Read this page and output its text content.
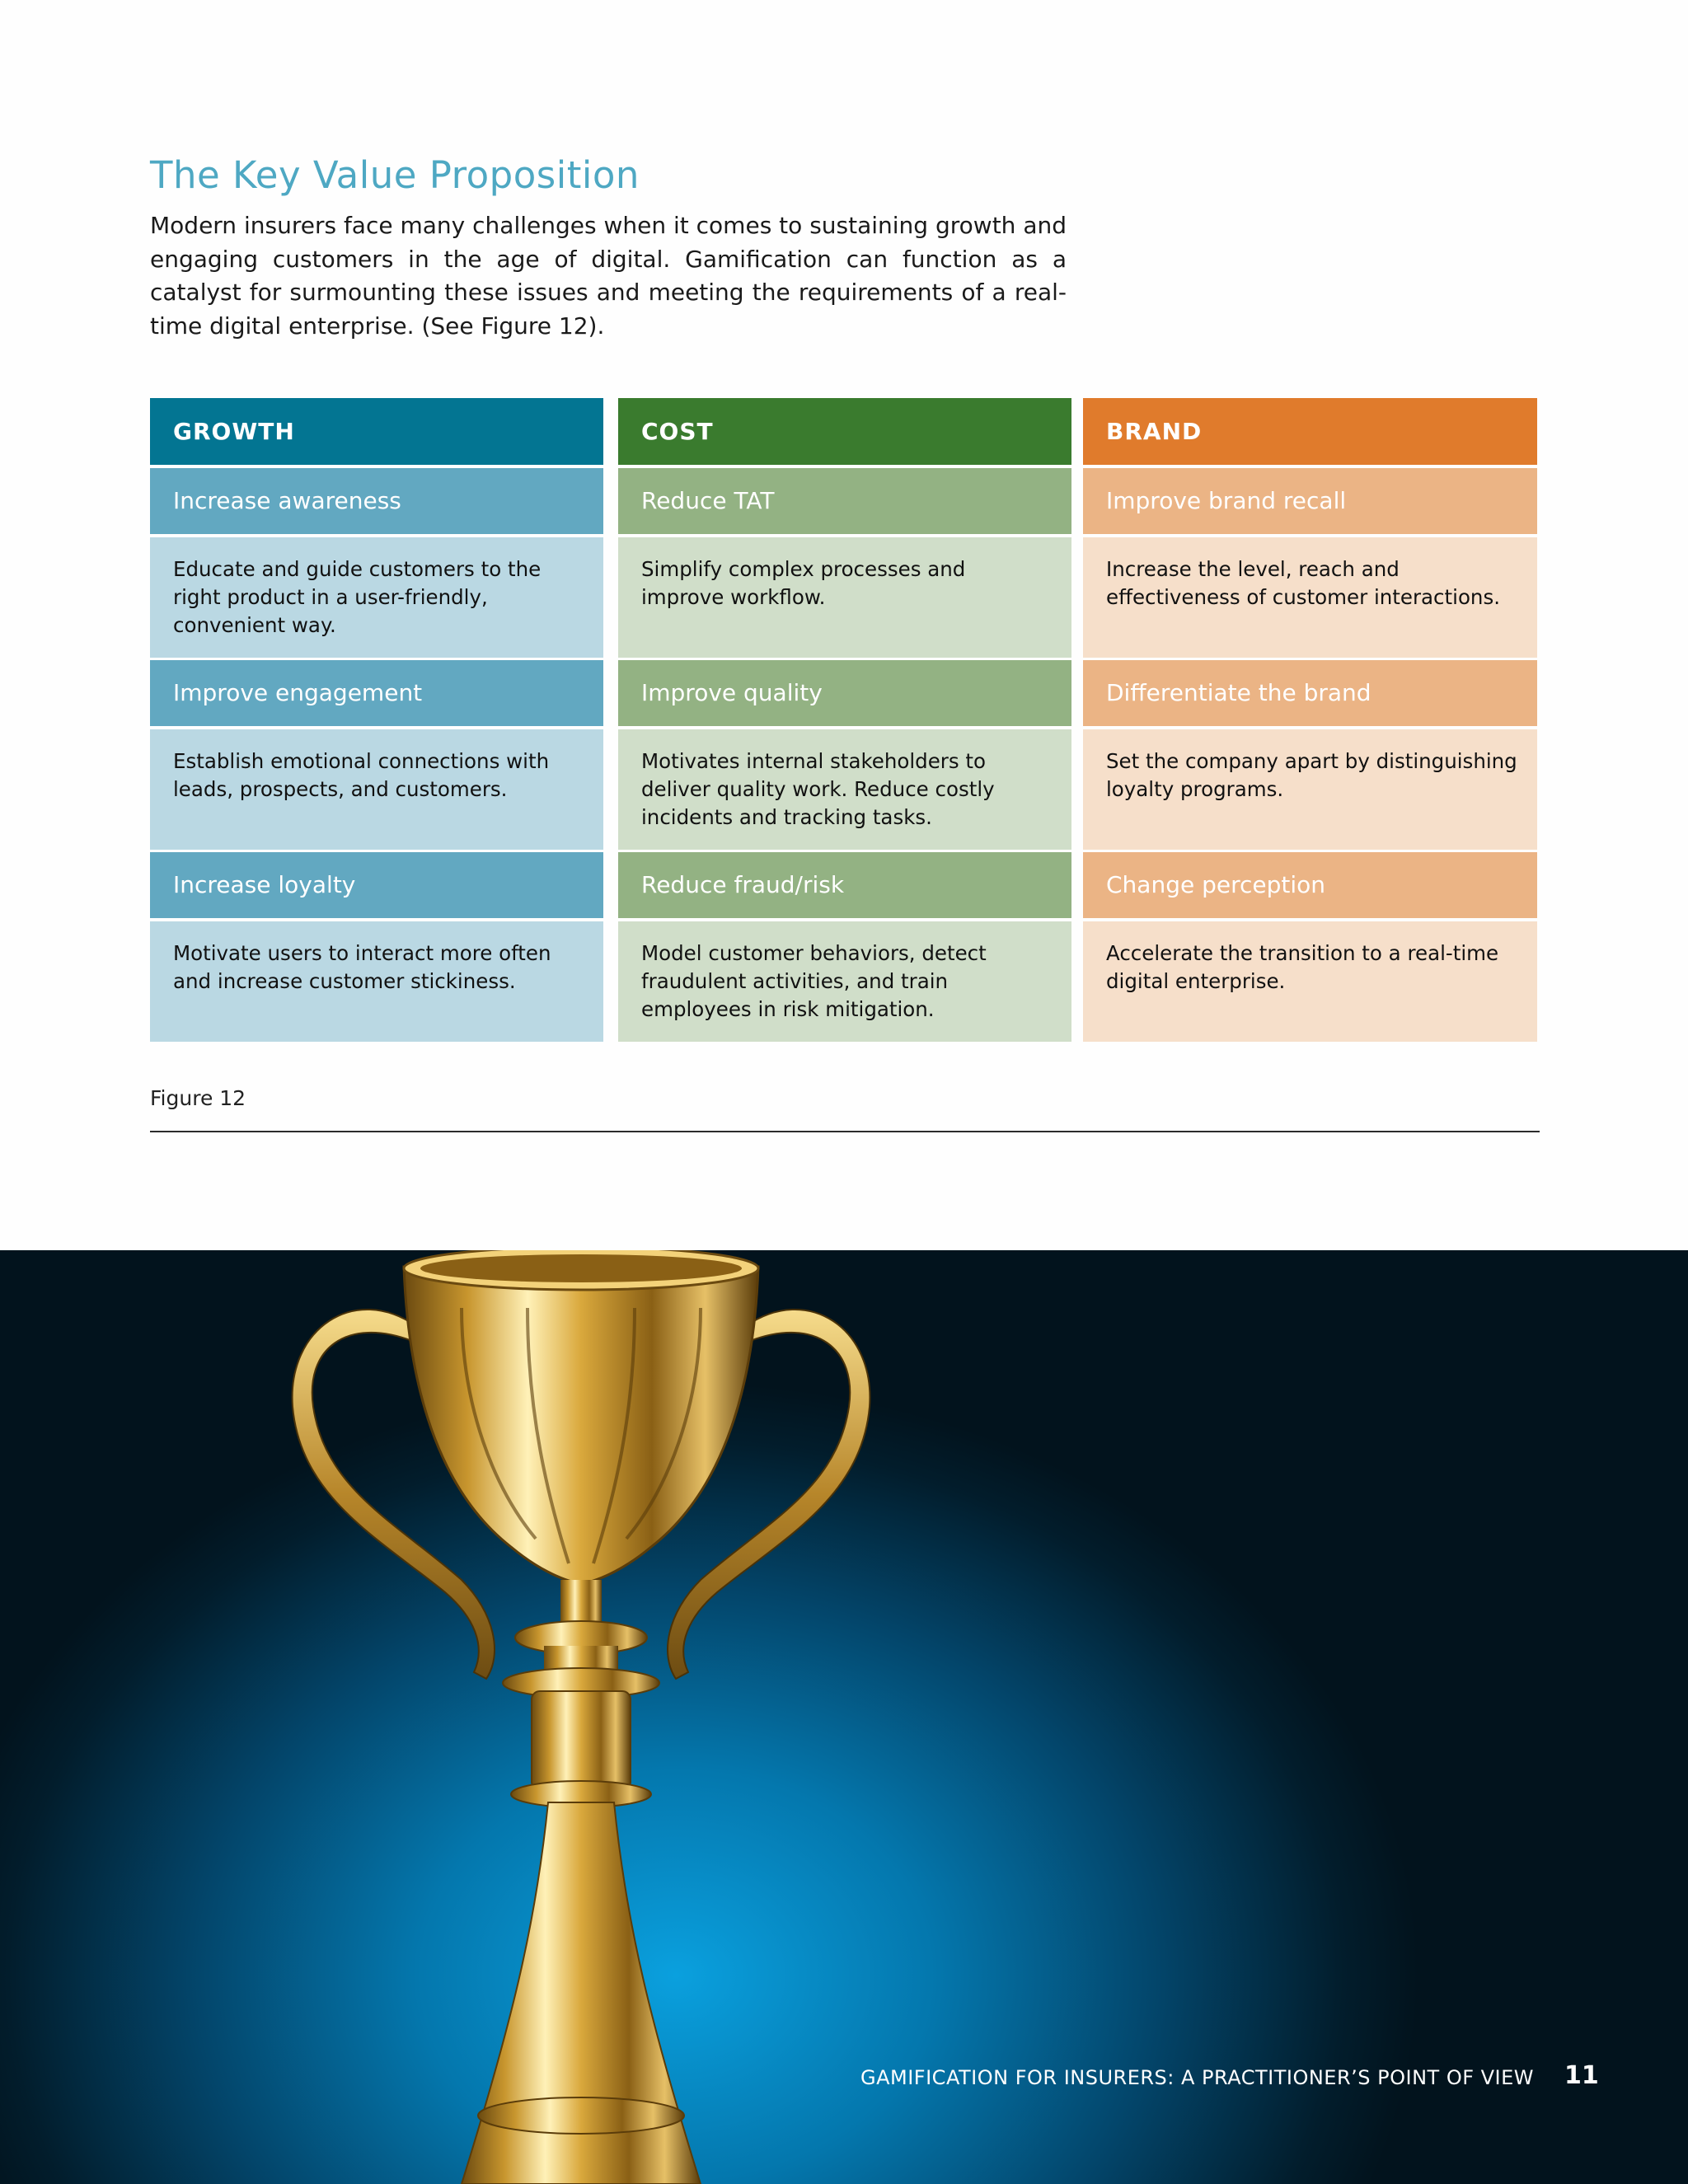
The Key Value Proposition

Modern insurers face many challenges when it comes to sustaining growth and engaging customers in the age of digital. Gamification can function as a catalyst for surmounting these issues and meeting the requirements of a real-time digital enterprise. (See Figure 12).

GROWTH
Increase awareness
Educate and guide customers to the right product in a user-friendly, convenient way.
Improve engagement
Establish emotional connections with leads, prospects, and customers.
Increase loyalty
Motivate users to interact more often and increase customer stickiness.
COST
Reduce TAT
Simplify complex processes and improve workflow.
Improve quality
Motivates internal stakeholders to deliver quality work. Reduce costly incidents and tracking tasks.
Reduce fraud/risk
Model customer behaviors, detect fraudulent activities, and train employees in risk mitigation.
BRAND
Improve brand recall
Increase the level, reach and effectiveness of customer interactions.
Differentiate the brand
Set the company apart by distinguishing loyalty programs.
Change perception
Accelerate the transition to a real-time digital enterprise.
Figure 12
GAMIFICATION FOR INSURERS: A PRACTITIONER’S POINT OF VIEW 11
